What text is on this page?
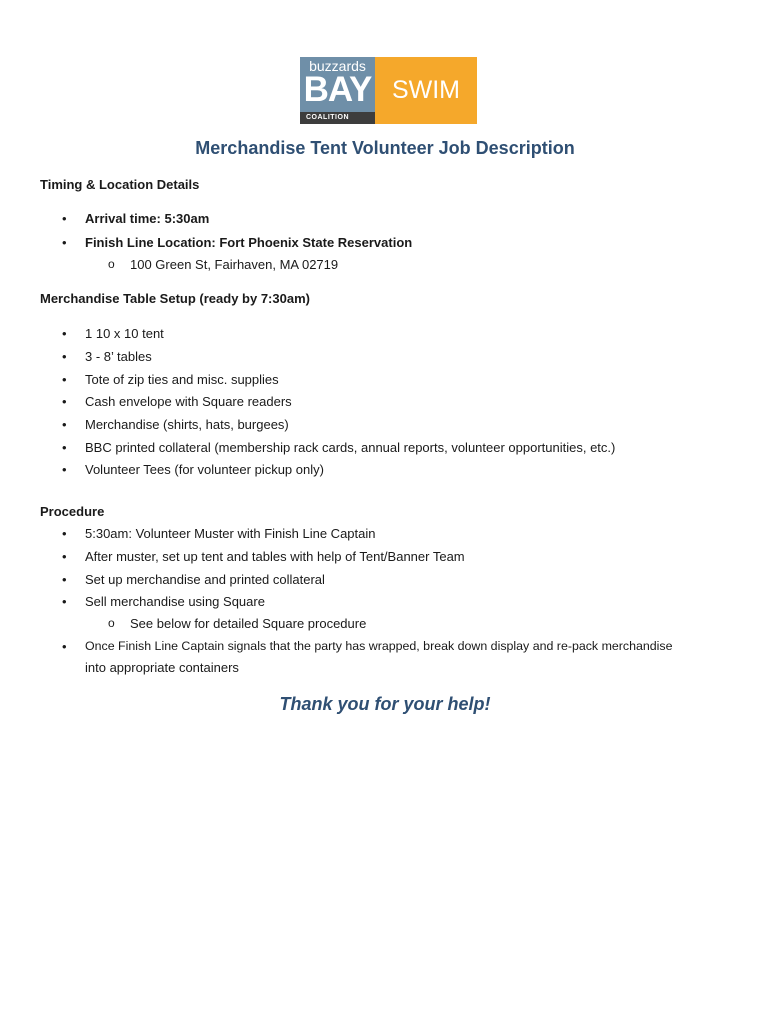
buzzards
BAY
COALITION
SWIM
Merchandise Tent Volunteer Job Description
Timing & Location Details
• Arrival time: 5:30am
• Finish Line Location: Fort Phoenix State Reservation
o 100 Green St, Fairhaven, MA 02719
Merchandise Table Setup (ready by 7:30am)
• 1 10 x 10 tent
• 3 - 8’ tables
• Tote of zip ties and misc. supplies
• Cash envelope with Square readers
• Merchandise (shirts, hats, burgees)
• BBC printed collateral (membership rack cards, annual reports, volunteer opportunities, etc.)
• Volunteer Tees (for volunteer pickup only)
Procedure
• 5:30am: Volunteer Muster with Finish Line Captain
• After muster, set up tent and tables with help of Tent/Banner Team
• Set up merchandise and printed collateral
• Sell merchandise using Square
o See below for detailed Square procedure
• Once Finish Line Captain signals that the party has wrapped, break down display and re-pack merchandise
into appropriate containers
Thank you for your help!
